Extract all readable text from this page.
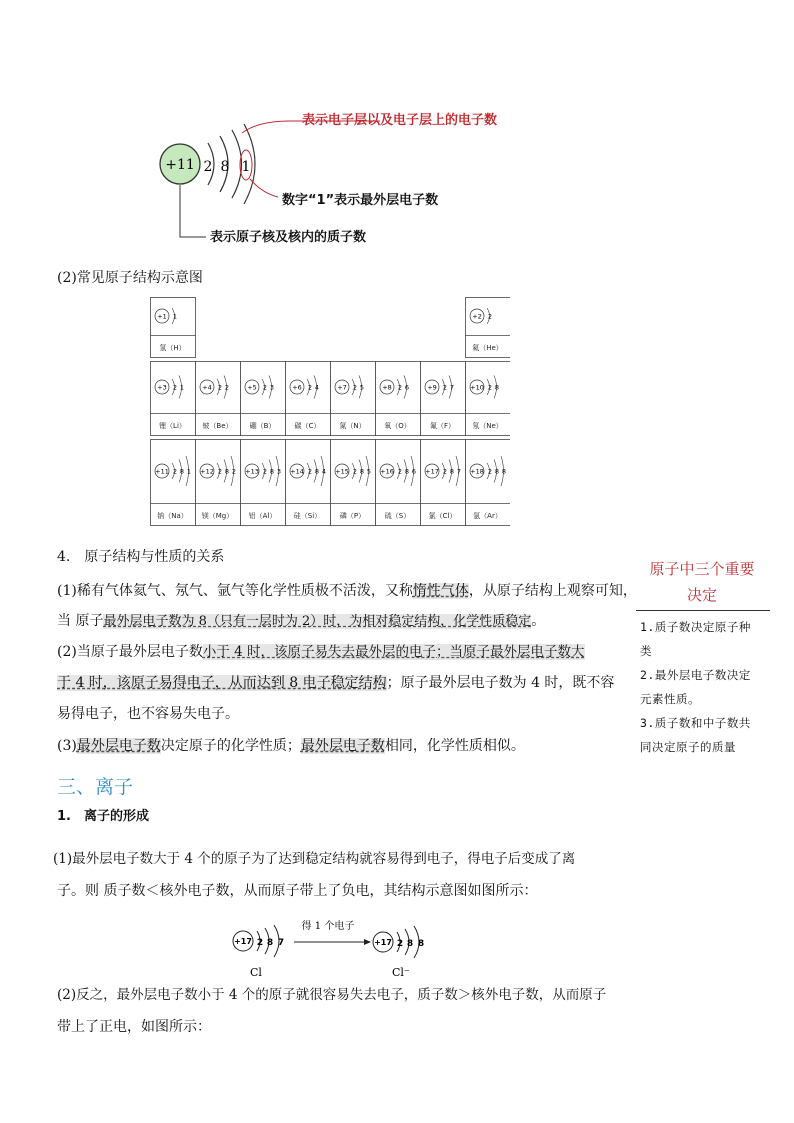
+11 2 8 1
表示电子层以及电子层上的电子数
数字“1”表示最外层电子数
表示原子核及核内的质子数
(2)常见原子结构示意图
+1 1
氢（H）
+2 2
氦（He）
+3 2 1
锂（Li）
+4 2 2
铍（Be）
+5 2 3
硼（B）
+6 2 4
碳（C）
+7 2 5
氮（N）
+8 2 6
氧（O）
+9 2 7
氟（F）
+10 2 8
氖（Ne）
+11 2 8 1
钠（Na）
+12 2 8 2
镁（Mg）
+13 2 8 3
铝（Al）
+14 2 8 4
硅（Si）
+15 2 8 5
磷（P）
+16 2 8 6
硫（S）
+17 2 8 7
氯（Cl）
+18 2 8 8
氩（Ar）
4.　原子结构与性质的关系
(1)稀有气体氦气、氖气、氩气等化学性质极不活泼，又称惰性气体，从原子结构上观察可知，
当 原子最外层电子数为 8（只有一层时为 2）时，为相对稳定结构，化学性质稳定。
(2)当原子最外层电子数小于 4 时，该原子易失去最外层的电子；当原子最外层电子数大
于 4 时，该原子易得电子，从而达到 8 电子稳定结构；原子最外层电子数为 4 时，既不容
易得电子，也不容易失电子。
(3)最外层电子数决定原子的化学性质；最外层电子数相同，化学性质相似。
原子中三个重要
决定
1.质子数决定原子种
类
2.最外层电子数决定
元素性质。
3.质子数和中子数共
同决定原子的质量
三、离子
1.　离子的形成
(1)最外层电子数大于 4 个的原子为了达到稳定结构就容易得到电子，得电子后变成了离
子。则 质子数＜核外电子数，从而原子带上了负电，其结构示意图如图所示：
+17 2 8 7
Cl
得 1 个电子
+17 2 8 8
Cl⁻
(2)反之，最外层电子数小于 4 个的原子就很容易失去电子，质子数＞核外电子数，从而原子
带上了正电，如图所示：
